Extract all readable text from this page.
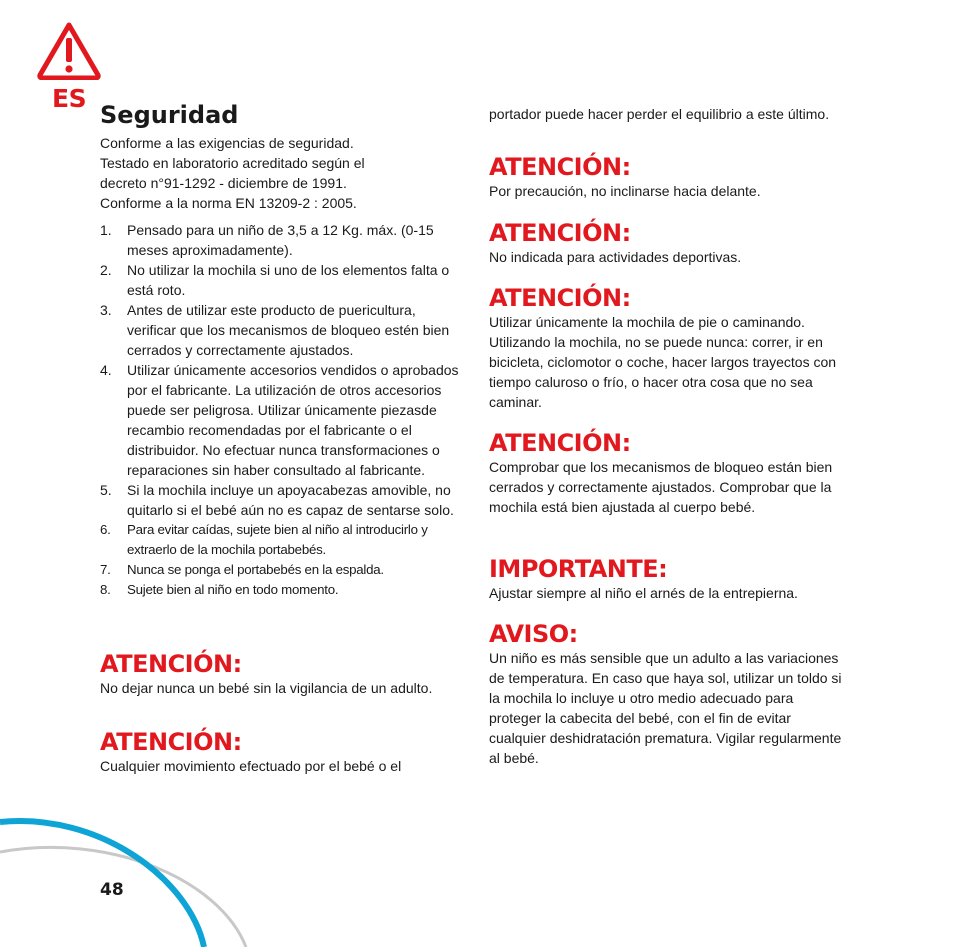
ES
Seguridad
Conforme a las exigencias de seguridad.
Testado en laboratorio acreditado según el
decreto n°91-1292 - diciembre de 1991.
Conforme a la norma EN 13209-2 : 2005.
1. Pensado para un niño de 3,5 a 12 Kg. máx. (0-15 meses aproximadamente).
2. No utilizar la mochila si uno de los elementos falta o está roto.
3. Antes de utilizar este producto de puericultura, verificar que los mecanismos de bloqueo estén bien cerrados y correctamente ajustados.
4. Utilizar únicamente accesorios vendidos o aprobados por el fabricante. La utilización de otros accesorios puede ser peligrosa. Utilizar únicamente piezasde recambio recomendadas por el fabricante o el distribuidor. No efectuar nunca transformaciones o reparaciones sin haber consultado al fabricante.
5. Si la mochila incluye un apoyacabezas amovible, no quitarlo si el bebé aún no es capaz de sentarse solo.
6. Para evitar caídas, sujete bien al niño al introducirlo y extraerlo de la mochila portabebés.
7. Nunca se ponga el portabebés en la espalda.
8. Sujete bien al niño en todo momento.
ATENCIÓN:

No dejar nunca un bebé sin la vigilancia de un adulto.

ATENCIÓN:

Cualquier movimiento efectuado por el bebé o el

portador puede hacer perder el equilibrio a este último.

ATENCIÓN:

Por precaución, no inclinarse hacia delante.

ATENCIÓN:

No indicada para actividades deportivas.

ATENCIÓN:

Utilizar únicamente la mochila de pie o caminando. Utilizando la mochila, no se puede nunca: correr, ir en bicicleta, ciclomotor o coche, hacer largos trayectos con tiempo caluroso o frío, o hacer otra cosa que no sea caminar.

ATENCIÓN:

Comprobar que los mecanismos de bloqueo están bien cerrados y correctamente ajustados. Comprobar que la mochila está bien ajustada al cuerpo bebé.

IMPORTANTE:

Ajustar siempre al niño el arnés de la entrepierna.

AVISO:

Un niño es más sensible que un adulto a las variaciones de temperatura. En caso que haya sol, utilizar un toldo si la mochila lo incluye u otro medio adecuado para proteger la cabecita del bebé, con el fin de evitar cualquier deshidratación prematura. Vigilar regularmente al bebé.

48
